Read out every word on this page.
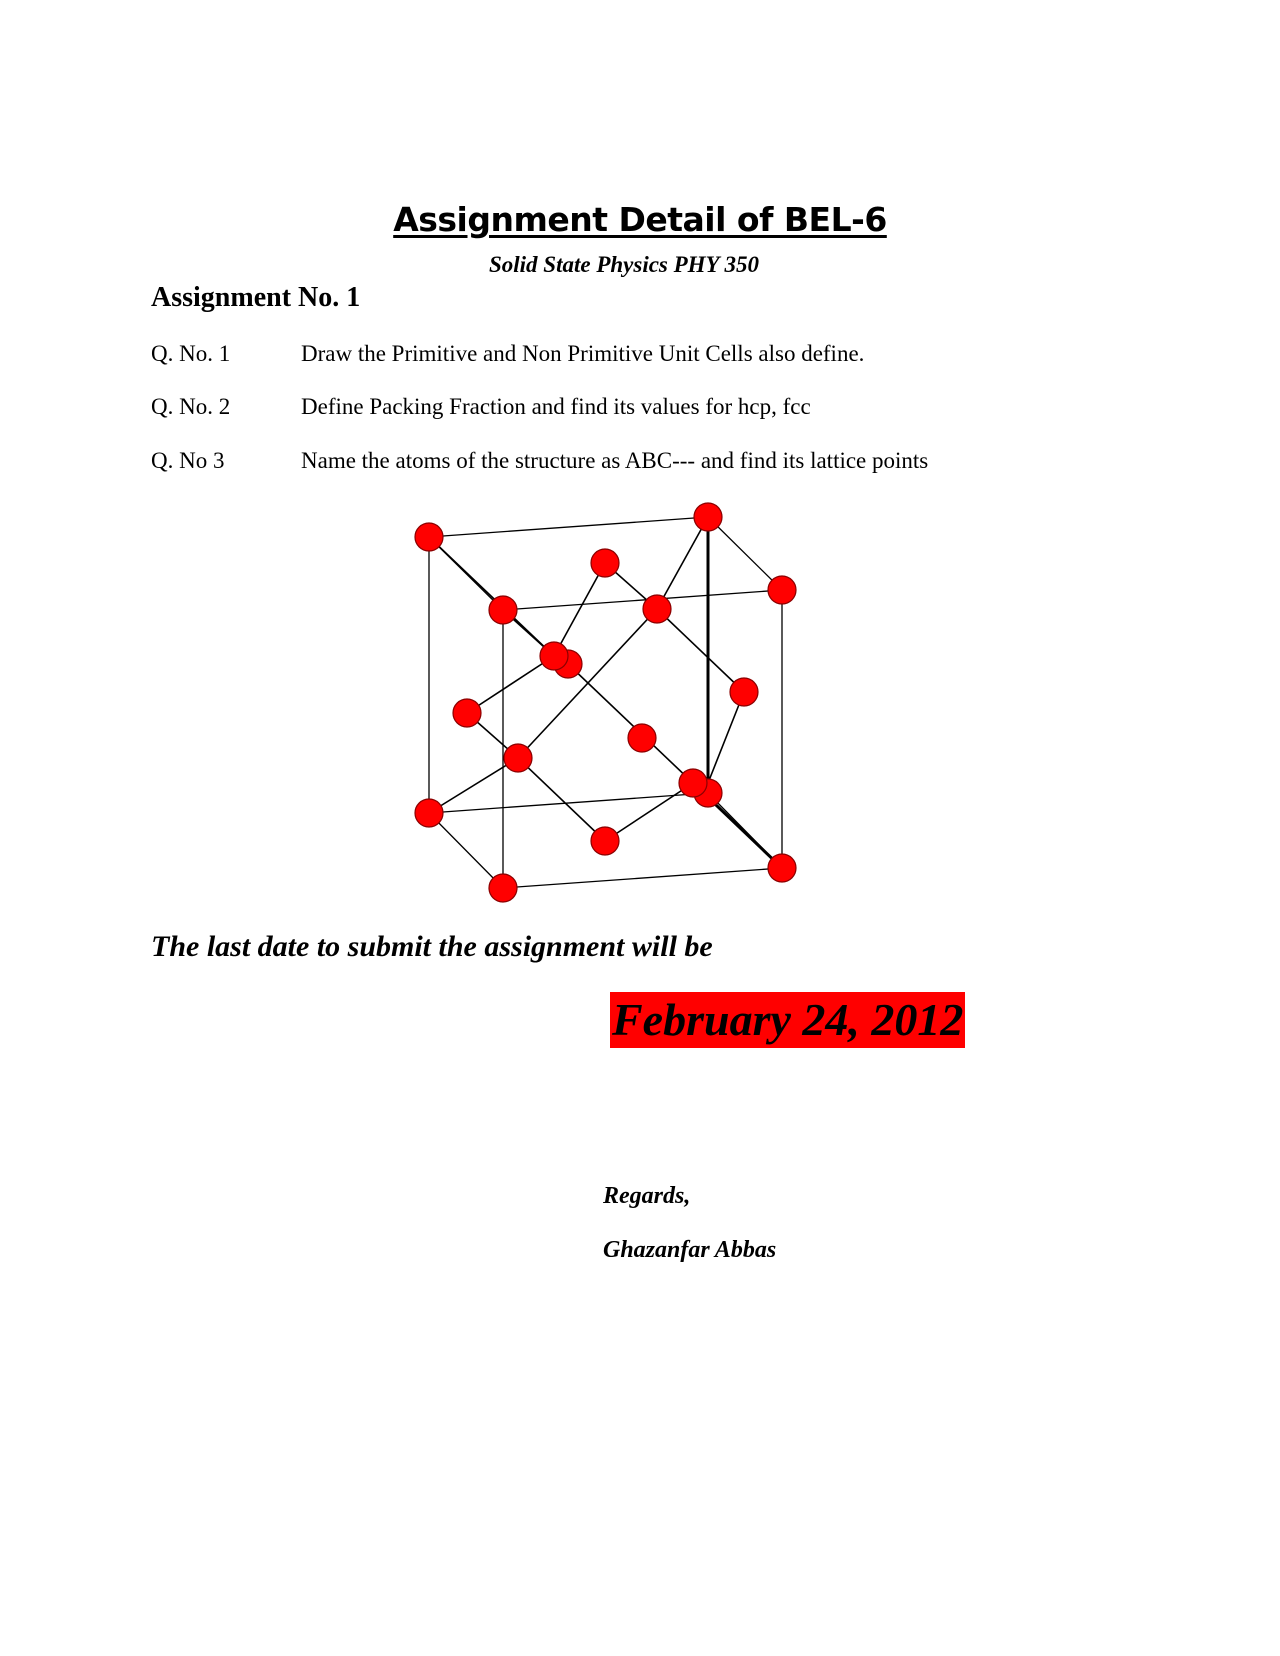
Assignment Detail of BEL-6
Solid State Physics PHY 350
Assignment No. 1
Q. No. 1	Draw the Primitive and Non Primitive Unit Cells also define.
Q. No. 2	Define Packing Fraction and find its values for hcp, fcc
Q. No 3	Name the atoms of the structure as ABC--- and find its lattice points
The last date to submit the assignment will be
February 24, 2012
Regards,
Ghazanfar Abbas
